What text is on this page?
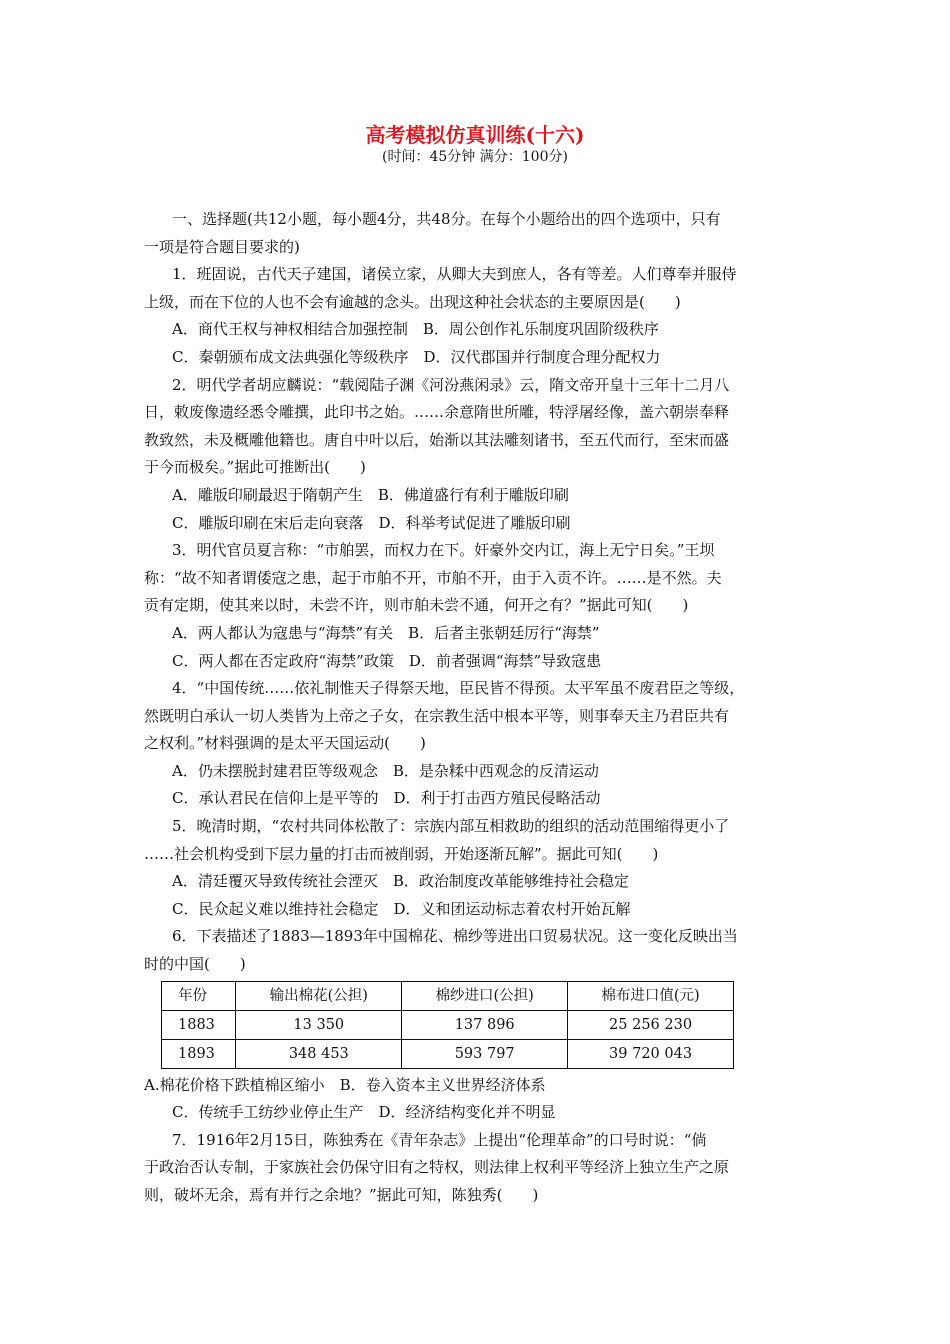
高考模拟仿真训练(十六)
(时间：45分钟 满分：100分)

一、选择题(共12小题，每小题4分，共48分。在每个小题给出的四个选项中，只有

一项是符合题目要求的)

1．班固说，古代天子建国，诸侯立家，从卿大夫到庶人，各有等差。人们尊奉并服侍

上级，而在下位的人也不会有逾越的念头。出现这种社会状态的主要原因是(　　)

A．商代王权与神权相结合加强控制　B．周公创作礼乐制度巩固阶级秩序

C．秦朝颁布成文法典强化等级秩序　D．汉代郡国并行制度合理分配权力

2．明代学者胡应麟说：“载阅陆子渊《河汾燕闲录》云，隋文帝开皇十三年十二月八

日，敕废像遗经悉令雕撰，此印书之始。……余意隋世所雕，特浮屠经像，盖六朝崇奉释

教致然，未及概雕他籍也。唐自中叶以后，始渐以其法雕刻诸书，至五代而行，至宋而盛

于今而极矣。”据此可推断出(　　)

A．雕版印刷最迟于隋朝产生　B．佛道盛行有利于雕版印刷

C．雕版印刷在宋后走向衰落　D．科举考试促进了雕版印刷

3．明代官员夏言称：“市舶罢，而权力在下。奸豪外交内讧，海上无宁日矣。”王坝

称：“故不知者谓倭寇之患，起于市舶不开，市舶不开，由于入贡不许。……是不然。夫

贡有定期，使其来以时，未尝不许，则市舶未尝不通，何开之有？”据此可知(　　)

A．两人都认为寇患与“海禁”有关　B．后者主张朝廷厉行“海禁”

C．两人都在否定政府“海禁”政策　D．前者强调“海禁”导致寇患

4．“中国传统……依礼制惟天子得祭天地，臣民皆不得预。太平军虽不废君臣之等级，

然既明白承认一切人类皆为上帝之子女，在宗教生活中根本平等，则事奉天主乃君臣共有

之权利。”材料强调的是太平天国运动(　　)

A．仍未摆脱封建君臣等级观念　B．是杂糅中西观念的反清运动

C．承认君民在信仰上是平等的　D．利于打击西方殖民侵略活动

5．晚清时期，“农村共同体松散了：宗族内部互相救助的组织的活动范围缩得更小了

……社会机构受到下层力量的打击而被削弱，开始逐渐瓦解”。据此可知(　　)

A．清廷覆灭导致传统社会湮灭　B．政治制度改革能够维持社会稳定

C．民众起义难以维持社会稳定　D．义和团运动标志着农村开始瓦解

6．下表描述了1883—1893年中国棉花、棉纱等进出口贸易状况。这一变化反映出当

时的中国(　　)

年份	输出棉花(公担)	棉纱进口(公担)	棉布进口值(元)
1883	13 350	137 896	25 256 230
1893	348 453	593 797	39 720 043

A.棉花价格下跌植棉区缩小　B．卷入资本主义世界经济体系

C．传统手工纺纱业停止生产　D．经济结构变化并不明显

7．1916年2月15日，陈独秀在《青年杂志》上提出“伦理革命”的口号时说：“倘

于政治否认专制，于家族社会仍保守旧有之特权，则法律上权利平等经济上独立生产之原

则，破坏无余，焉有并行之余地？”据此可知，陈独秀(　　)
